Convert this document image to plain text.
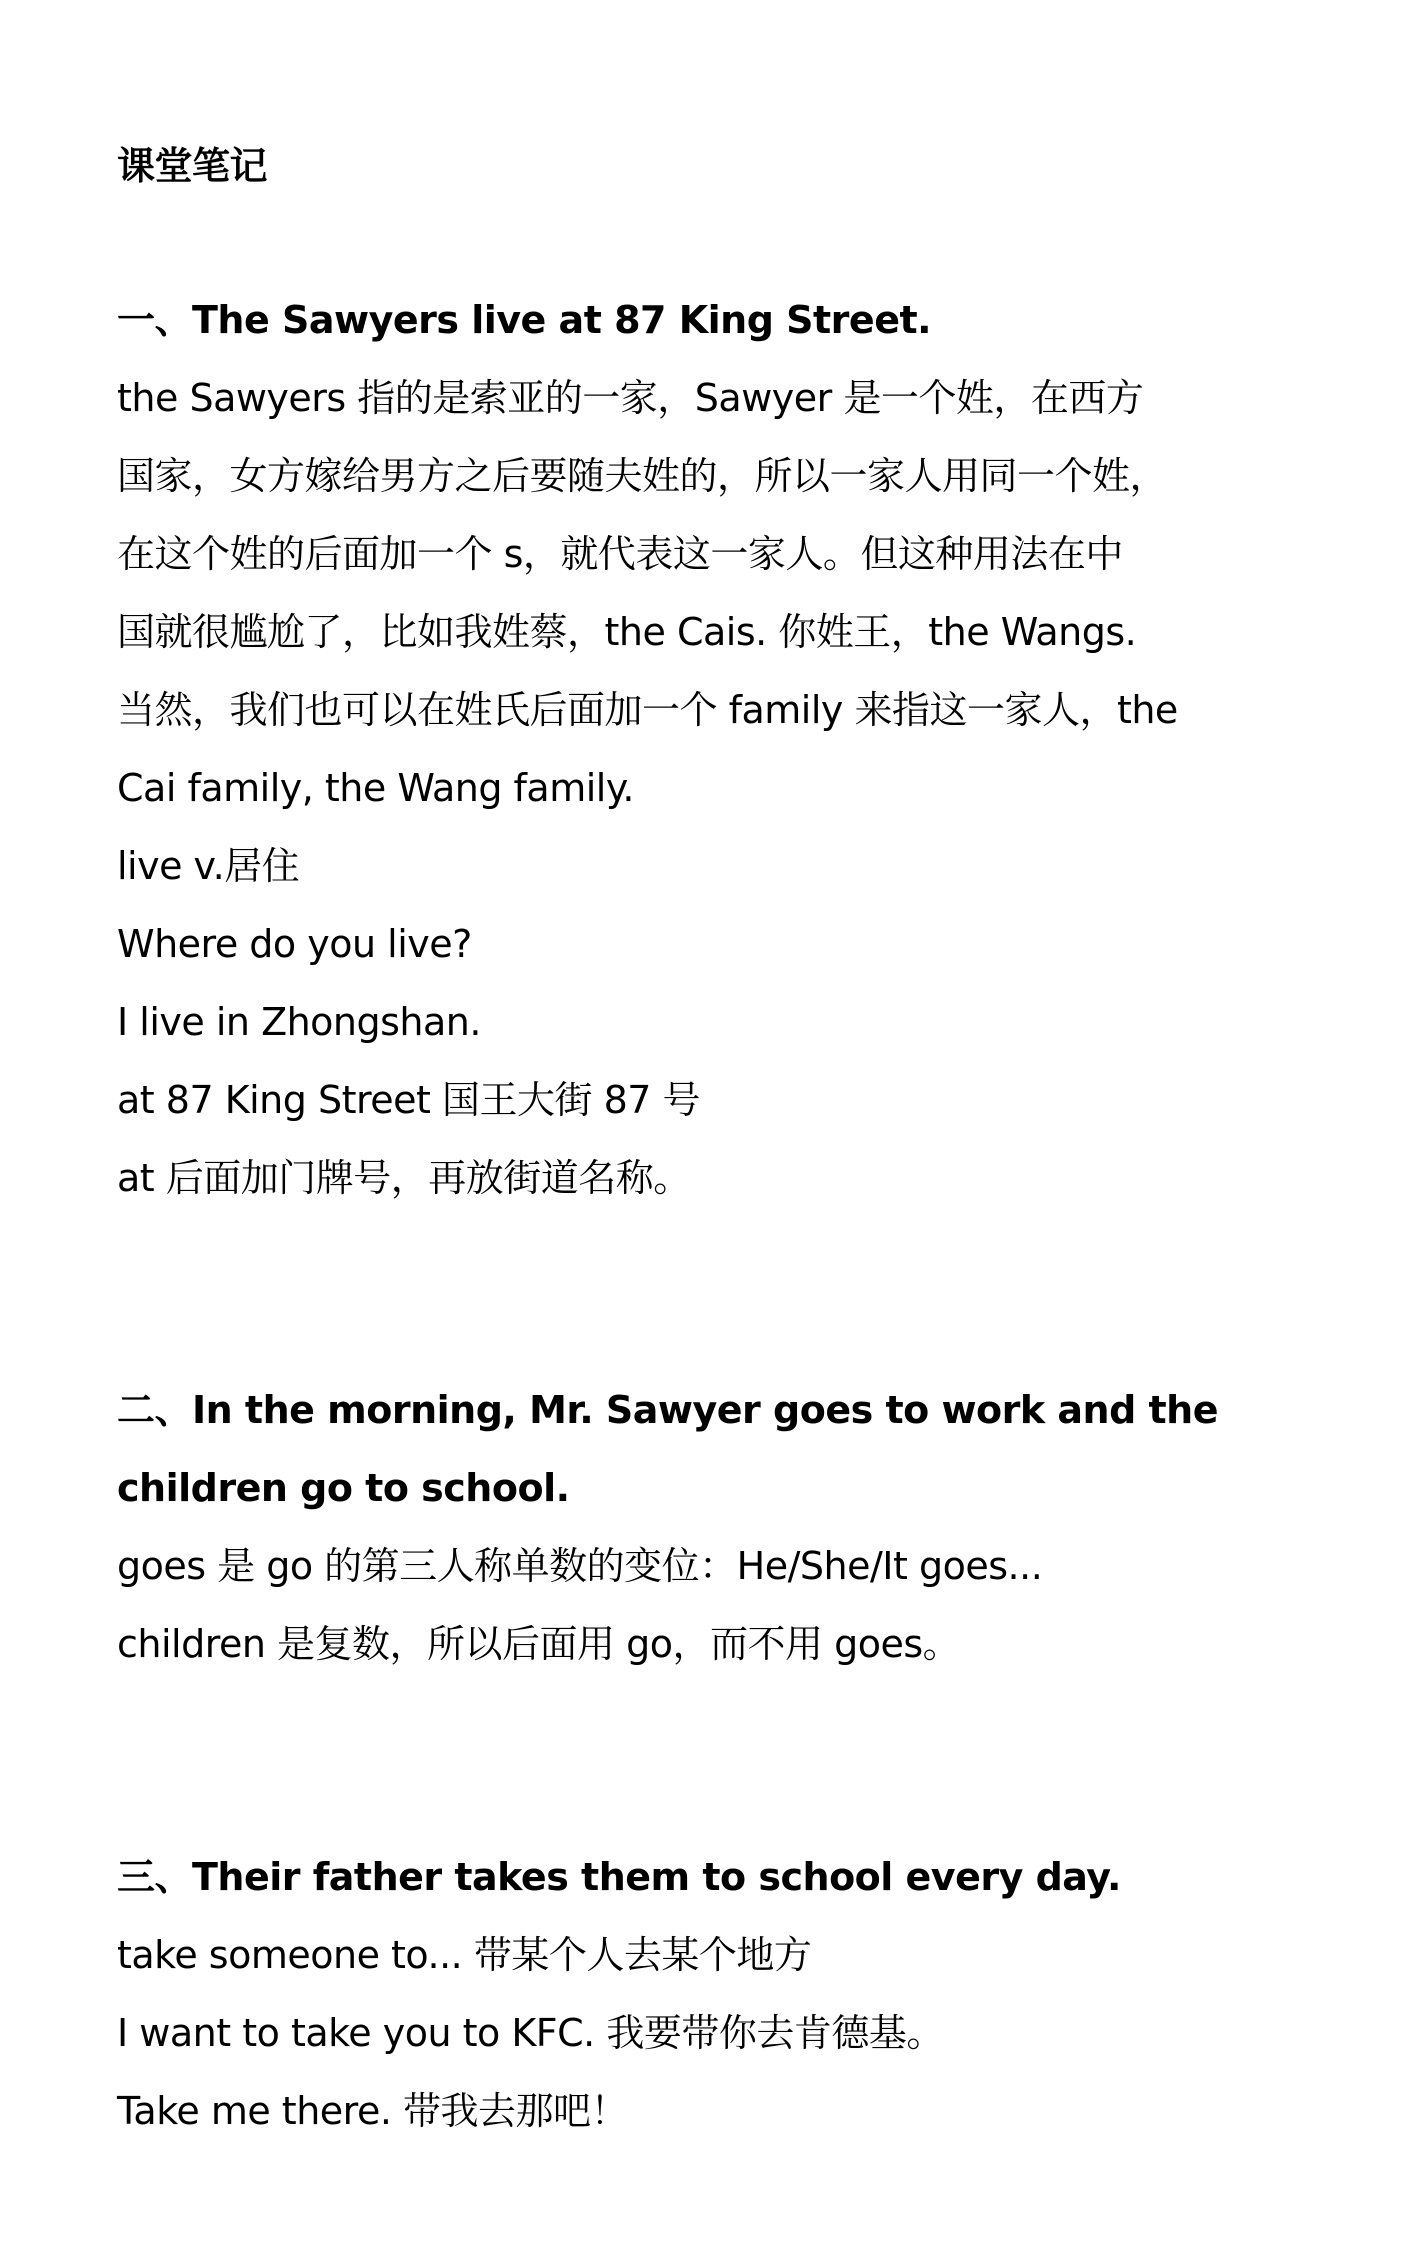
课堂笔记
一、The Sawyers live at 87 King Street.
the Sawyers 指的是索亚的一家，Sawyer 是一个姓，在西方
国家，女方嫁给男方之后要随夫姓的，所以一家人用同一个姓，
在这个姓的后面加一个 s，就代表这一家人。但这种用法在中
国就很尴尬了，比如我姓蔡，the Cais. 你姓王，the Wangs.
当然，我们也可以在姓氏后面加一个 family 来指这一家人，the
Cai family, the Wang family.
live v.居住
Where do you live?
I live in Zhongshan.
at 87 King Street 国王大街 87 号
at 后面加门牌号，再放街道名称。
二、In the morning, Mr. Sawyer goes to work and the
children go to school.
goes 是 go 的第三人称单数的变位：He/She/It goes...
children 是复数，所以后面用 go，而不用 goes。
三、Their father takes them to school every day.
take someone to... 带某个人去某个地方
I want to take you to KFC. 我要带你去肯德基。
Take me there. 带我去那吧！
